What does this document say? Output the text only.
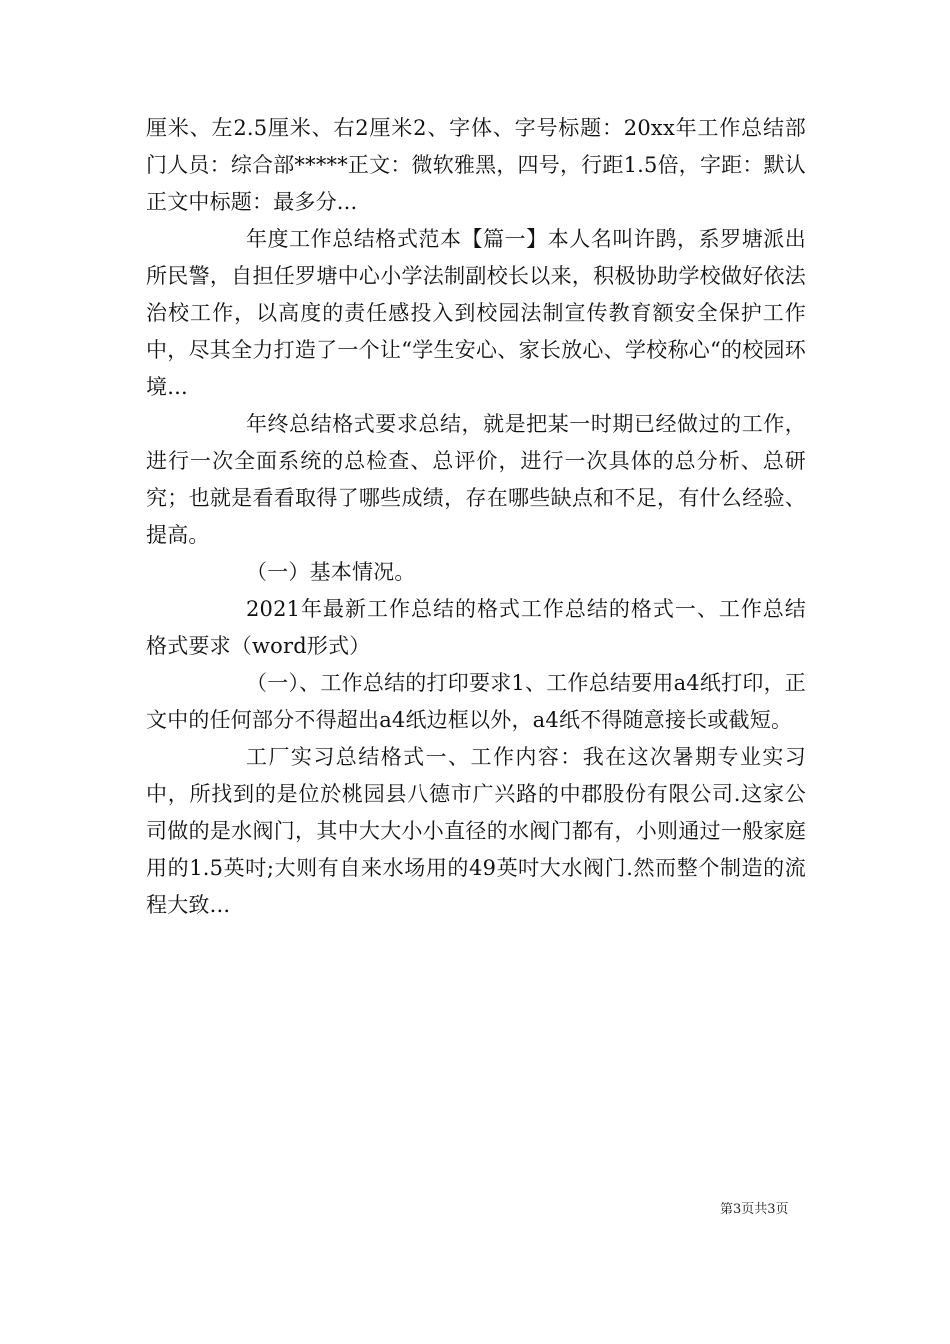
厘米、左2.5厘米、右2厘米2、字体、字号标题：20xx年工作总结部门人员：综合部*****正文：微软雅黑，四号，行距1.5倍，字距：默认正文中标题：最多分...

年度工作总结格式范本【篇一】本人名叫许鹍，系罗塘派出所民警，自担任罗塘中心小学法制副校长以来，积极协助学校做好依法治校工作，以高度的责任感投入到校园法制宣传教育额安全保护工作中，尽其全力打造了一个让“学生安心、家长放心、学校称心“的校园环境...

年终总结格式要求总结，就是把某一时期已经做过的工作，进行一次全面系统的总检查、总评价，进行一次具体的总分析、总研究；也就是看看取得了哪些成绩，存在哪些缺点和不足，有什么经验、提高。

（一）基本情况。

2021年最新工作总结的格式工作总结的格式一、工作总结格式要求（word形式）

（一）、工作总结的打印要求1、工作总结要用a4纸打印，正文中的任何部分不得超出a4纸边框以外，a4纸不得随意接长或截短。

工厂实习总结格式一、工作内容：我在这次暑期专业实习中，所找到的是位於桃园县八德市广兴路的中郡股份有限公司.这家公司做的是水阀门，其中大大小小直径的水阀门都有，小则通过一般家庭用的1.5英吋;大则有自来水场用的49英吋大水阀门.然而整个制造的流程大致...

第3页共3页
